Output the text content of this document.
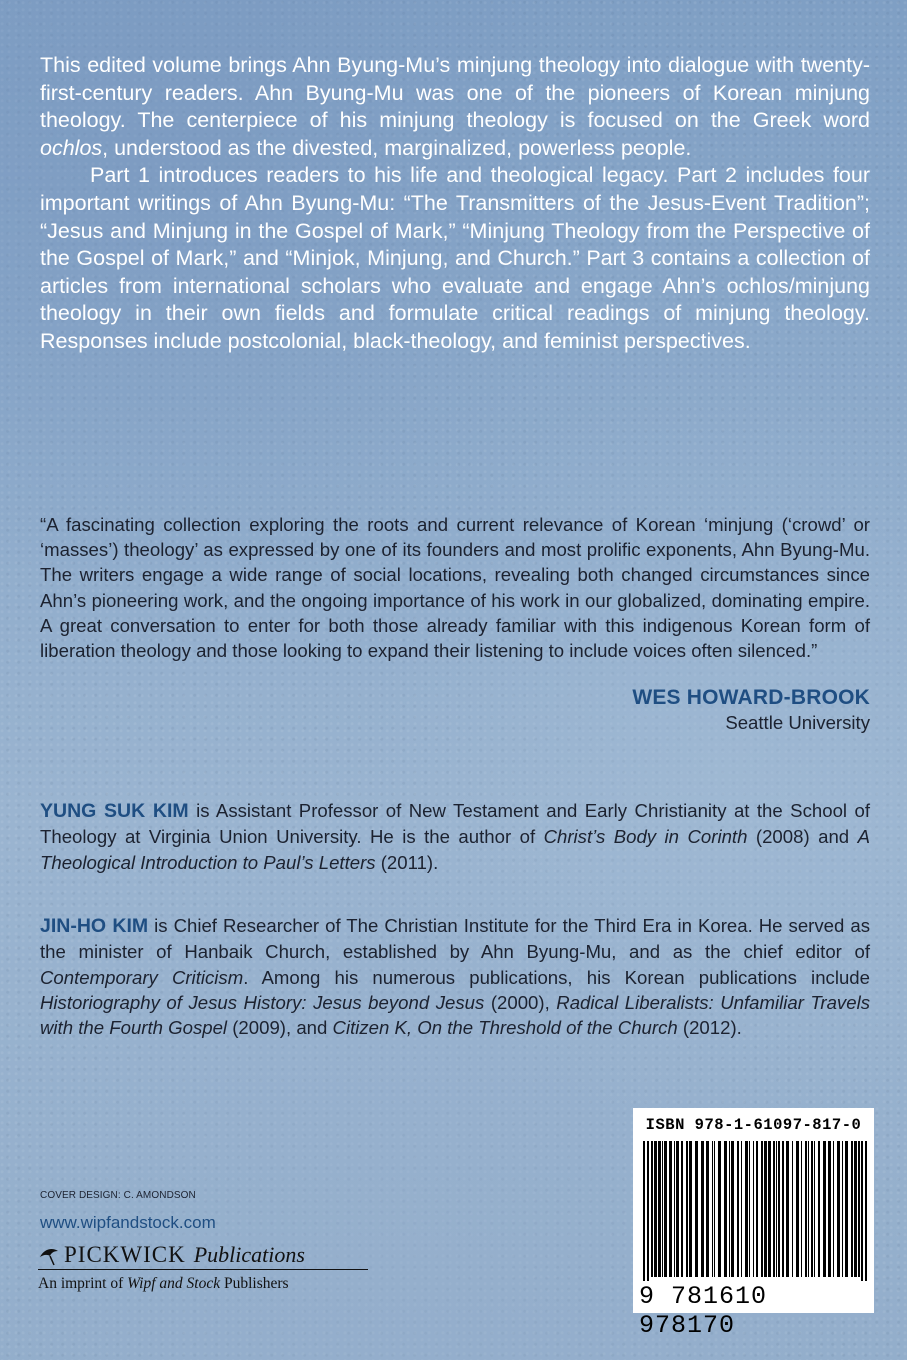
This edited volume brings Ahn Byung-Mu’s minjung theology into dialogue with twenty-first-century readers. Ahn Byung-Mu was one of the pioneers of Korean minjung theology. The centerpiece of his minjung theology is focused on the Greek word ochlos, understood as the divested, marginalized, powerless people.

Part 1 introduces readers to his life and theological legacy. Part 2 includes four important writings of Ahn Byung-Mu: “The Transmitters of the Jesus-Event Tradition”; “Jesus and Minjung in the Gospel of Mark,” “Minjung Theology from the Perspective of the Gospel of Mark,” and “Minjok, Minjung, and Church.” Part 3 contains a collection of articles from international scholars who evaluate and engage Ahn’s ochlos/minjung theology in their own fields and formulate critical readings of minjung theology. Responses include postcolonial, black-theology, and feminist perspectives.

“A fascinating collection exploring the roots and current relevance of Korean ‘minjung (‘crowd’ or ‘masses’) theology’ as expressed by one of its founders and most prolific exponents, Ahn Byung-Mu. The writers engage a wide range of social locations, revealing both changed circumstances since Ahn’s pioneering work, and the ongoing importance of his work in our globalized, dominating empire. A great conversation to enter for both those already familiar with this indigenous Korean form of liberation theology and those looking to expand their listening to include voices often silenced.”
WES HOWARD-BROOK
Seattle University
YUNG SUK KIM is Assistant Professor of New Testament and Early Christianity at the School of Theology at Virginia Union University. He is the author of Christ’s Body in Corinth (2008) and A Theological Introduction to Paul’s Letters (2011).
JIN-HO KIM is Chief Researcher of The Christian Institute for the Third Era in Korea. He served as the minister of Hanbaik Church, established by Ahn Byung-Mu, and as the chief editor of Contemporary Criticism. Among his numerous publications, his Korean publications include Historiography of Jesus History: Jesus beyond Jesus (2000), Radical Liberalists: Unfamiliar Travels with the Fourth Gospel (2009), and Citizen K, On the Threshold of the Church (2012).
COVER DESIGN: C. AMONDSON
www.wipfandstock.com
PICKWICK Publications
An imprint of Wipf and Stock Publishers
ISBN 978-1-61097-817-0
9 781610 978170
